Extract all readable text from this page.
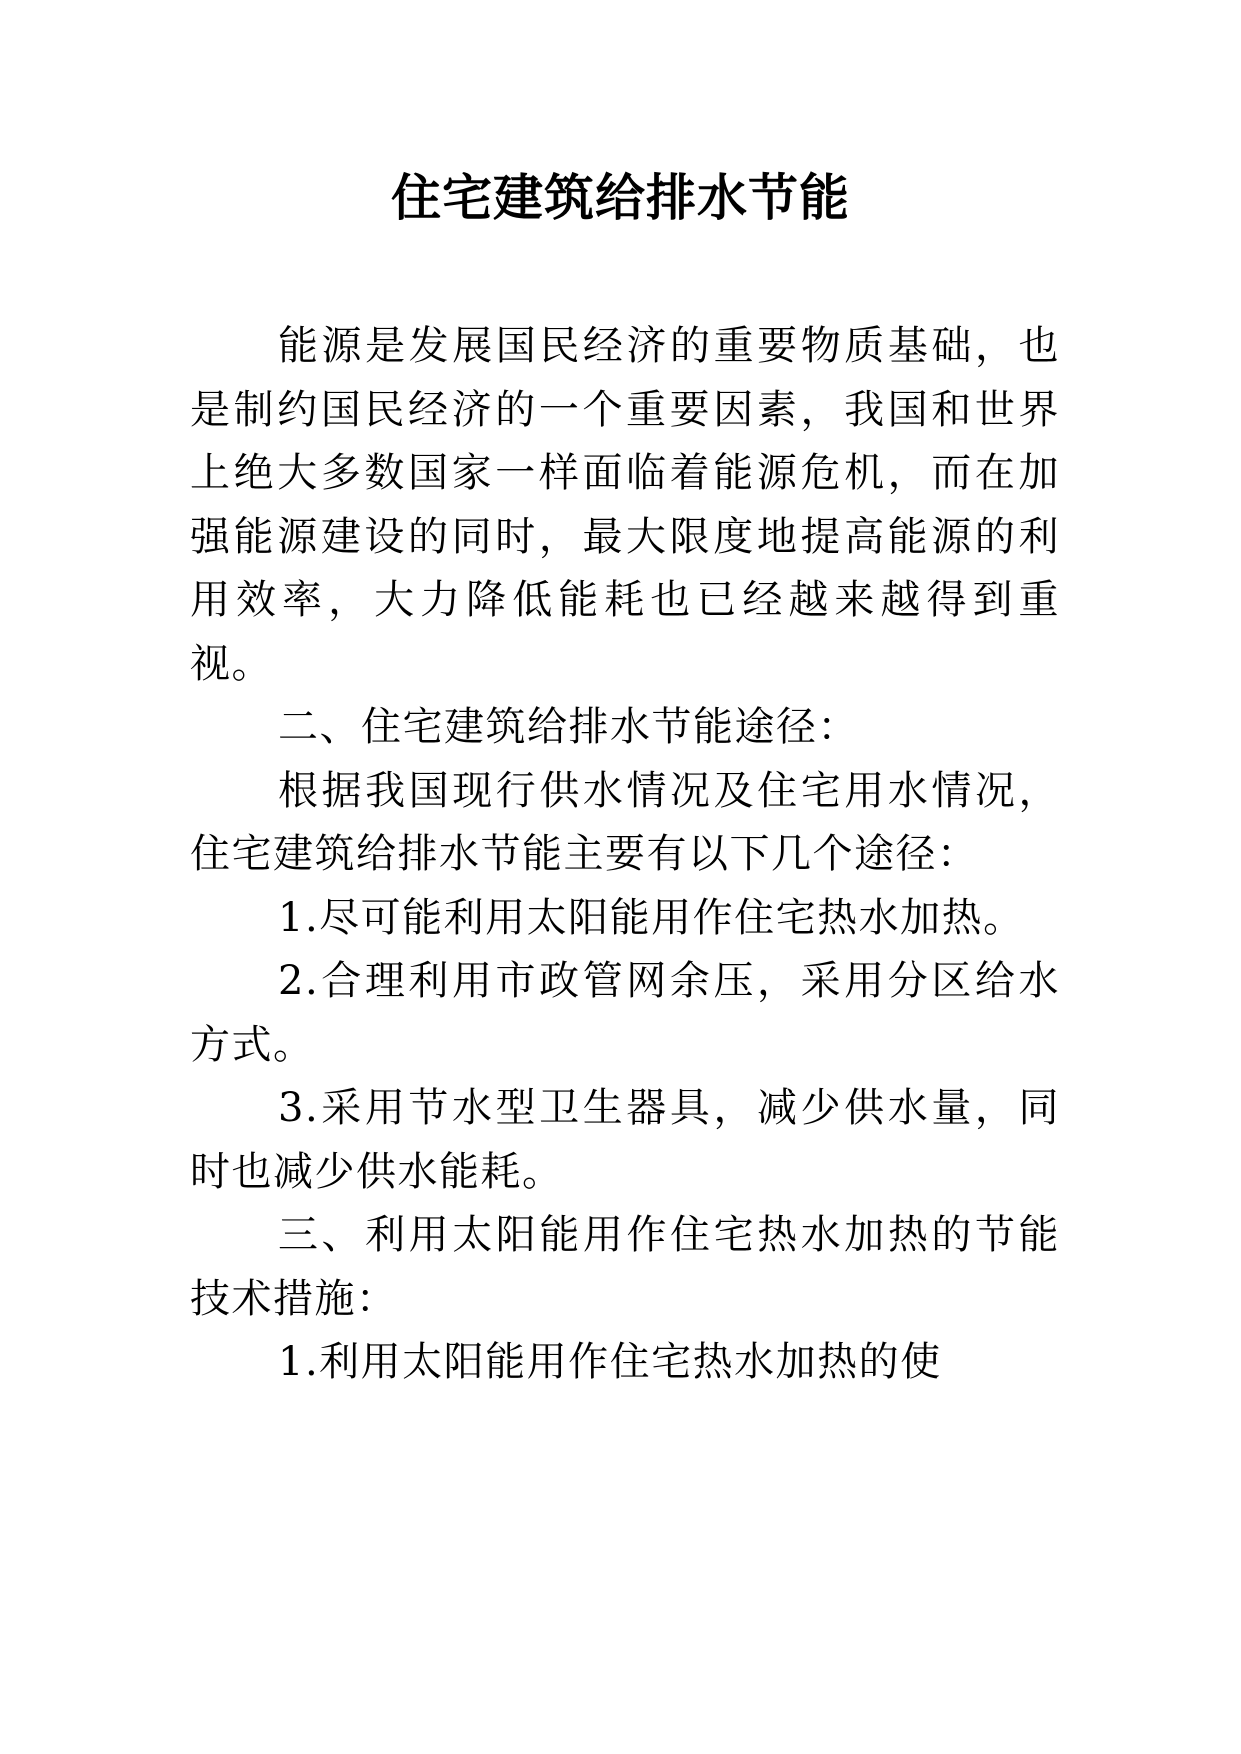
住宅建筑给排水节能

能源是发展国民经济的重要物质基础，也是制约国民经济的一个重要因素，我国和世界上绝大多数国家一样面临着能源危机，而在加强能源建设的同时，最大限度地提高能源的利用效率，大力降低能耗也已经越来越得到重视。

二、住宅建筑给排水节能途径：

根据我国现行供水情况及住宅用水情况，住宅建筑给排水节能主要有以下几个途径：

1.尽可能利用太阳能用作住宅热水加热。

2.合理利用市政管网余压，采用分区给水方式。

3.采用节水型卫生器具，减少供水量，同时也减少供水能耗。

三、利用太阳能用作住宅热水加热的节能技术措施：

1.利用太阳能用作住宅热水加热的使
